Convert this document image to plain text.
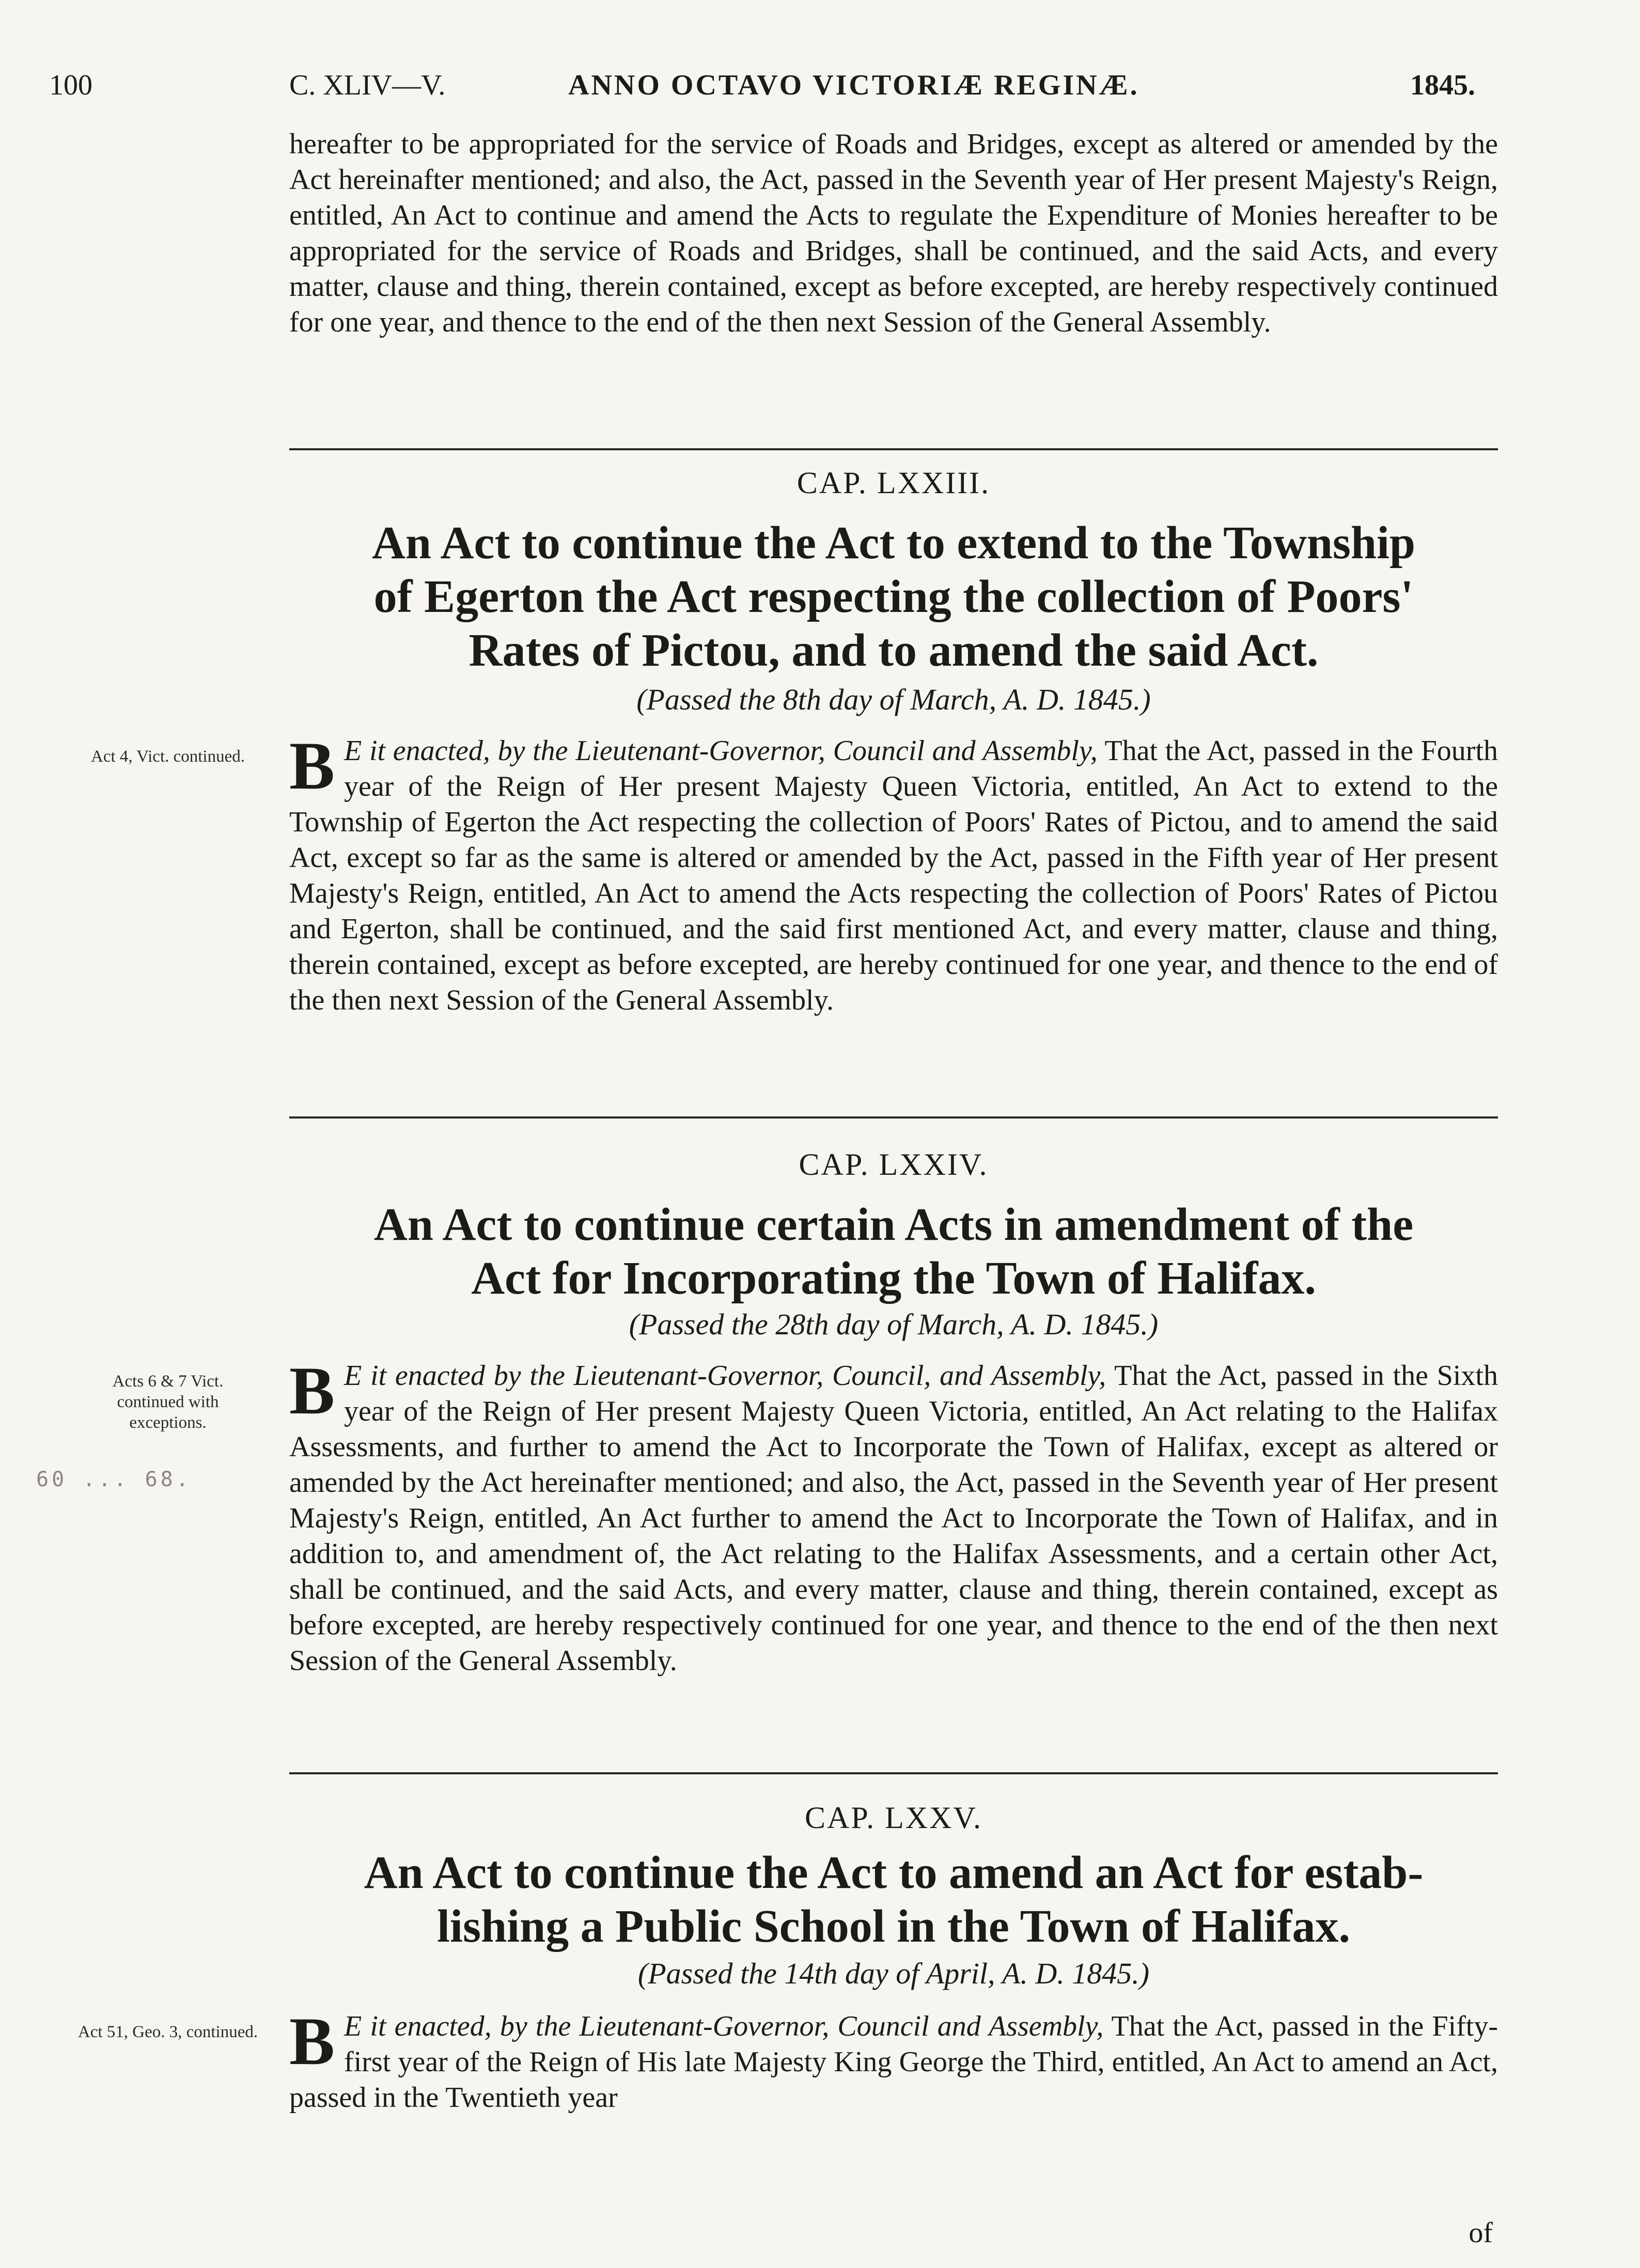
100	C. XLIV—V.	ANNO OCTAVO VICTORIÆ REGINÆ.	1845.

hereafter to be appropriated for the service of Roads and Bridges, except as altered or amended by the Act hereinafter mentioned; and also, the Act, passed in the Seventh year of Her present Majesty's Reign, entitled, An Act to continue and amend the Acts to regulate the Expenditure of Monies hereafter to be appropriated for the service of Roads and Bridges, shall be continued, and the said Acts, and every matter, clause and thing, therein contained, except as before excepted, are hereby respectively continued for one year, and thence to the end of the then next Session of the General Assembly.

CAP. LXXIII.
An Act to continue the Act to extend to the Township
of Egerton the Act respecting the collection of Poors'
Rates of Pictou, and to amend the said Act.
(Passed the 8th day of March, A. D. 1845.)
Act 4, Vict. continued. B E it enacted, by the Lieutenant-Governor, Council and Assembly, That the Act, passed in the Fourth year of the Reign of Her present Majesty Queen Victoria, entitled, An Act to extend to the Township of Egerton the Act respecting the collection of Poors' Rates of Pictou, and to amend the said Act, except so far as the same is altered or amended by the Act, passed in the Fifth year of Her present Majesty's Reign, entitled, An Act to amend the Acts respecting the collection of Poors' Rates of Pictou and Egerton, shall be continued, and the said first mentioned Act, and every matter, clause and thing, therein contained, except as before excepted, are hereby continued for one year, and thence to the end of the then next Session of the General Assembly.
CAP. LXXIV.
An Act to continue certain Acts in amendment of the
Act for Incorporating the Town of Halifax.
(Passed the 28th day of March, A. D. 1845.)
Acts 6 & 7 Vict. continued with exceptions.
60 ... 68.
B E it enacted by the Lieutenant-Governor, Council, and Assembly, That the Act, passed in the Sixth year of the Reign of Her present Majesty Queen Victoria, entitled, An Act relating to the Halifax Assessments, and further to amend the Act to Incorporate the Town of Halifax, except as altered or amended by the Act hereinafter mentioned; and also, the Act, passed in the Seventh year of Her present Majesty's Reign, entitled, An Act further to amend the Act to Incorporate the Town of Halifax, and in addition to, and amendment of, the Act relating to the Halifax Assessments, and a certain other Act, shall be continued, and the said Acts, and every matter, clause and thing, therein contained, except as before excepted, are hereby respectively continued for one year, and thence to the end of the then next Session of the General Assembly.
CAP. LXXV.
An Act to continue the Act to amend an Act for estab-
lishing a Public School in the Town of Halifax.
(Passed the 14th day of April, A. D. 1845.)
Act 51, Geo. 3, continued. B E it enacted, by the Lieutenant-Governor, Council and Assembly, That the Act, passed in the Fifty-first year of the Reign of His late Majesty King George the Third, entitled, An Act to amend an Act, passed in the Twentieth year
of
